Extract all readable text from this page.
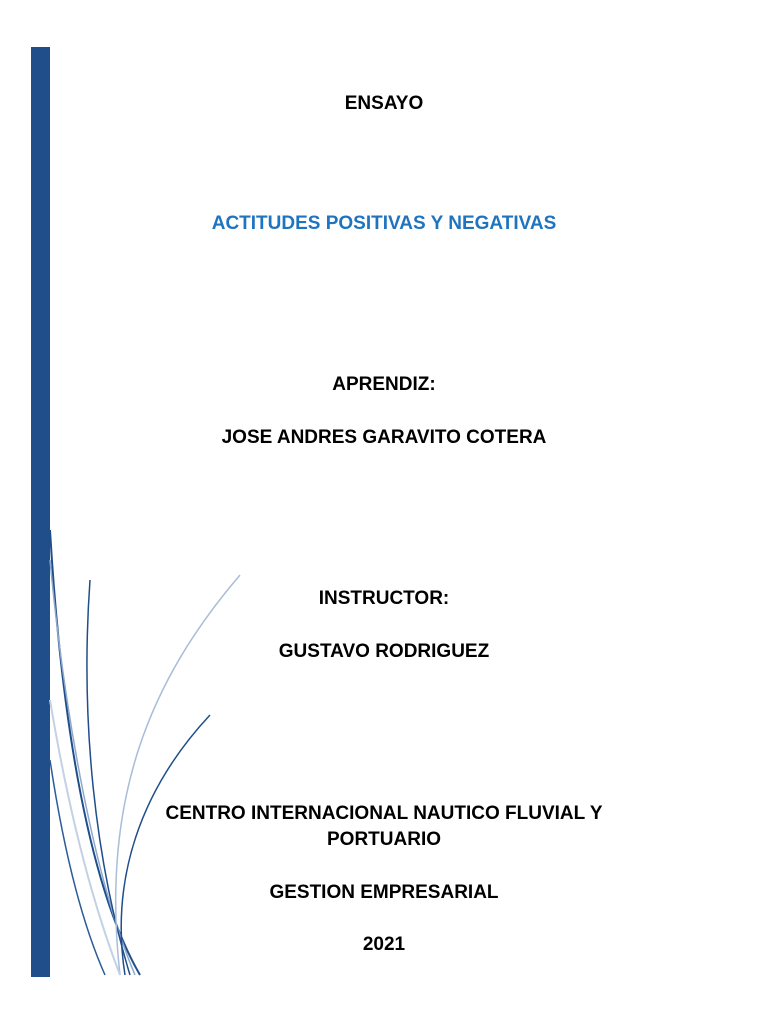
ENSAYO
ACTITUDES POSITIVAS Y NEGATIVAS
APRENDIZ:
JOSE ANDRES GARAVITO COTERA
INSTRUCTOR:
GUSTAVO RODRIGUEZ
CENTRO INTERNACIONAL NAUTICO FLUVIAL Y
PORTUARIO
GESTION EMPRESARIAL
2021
